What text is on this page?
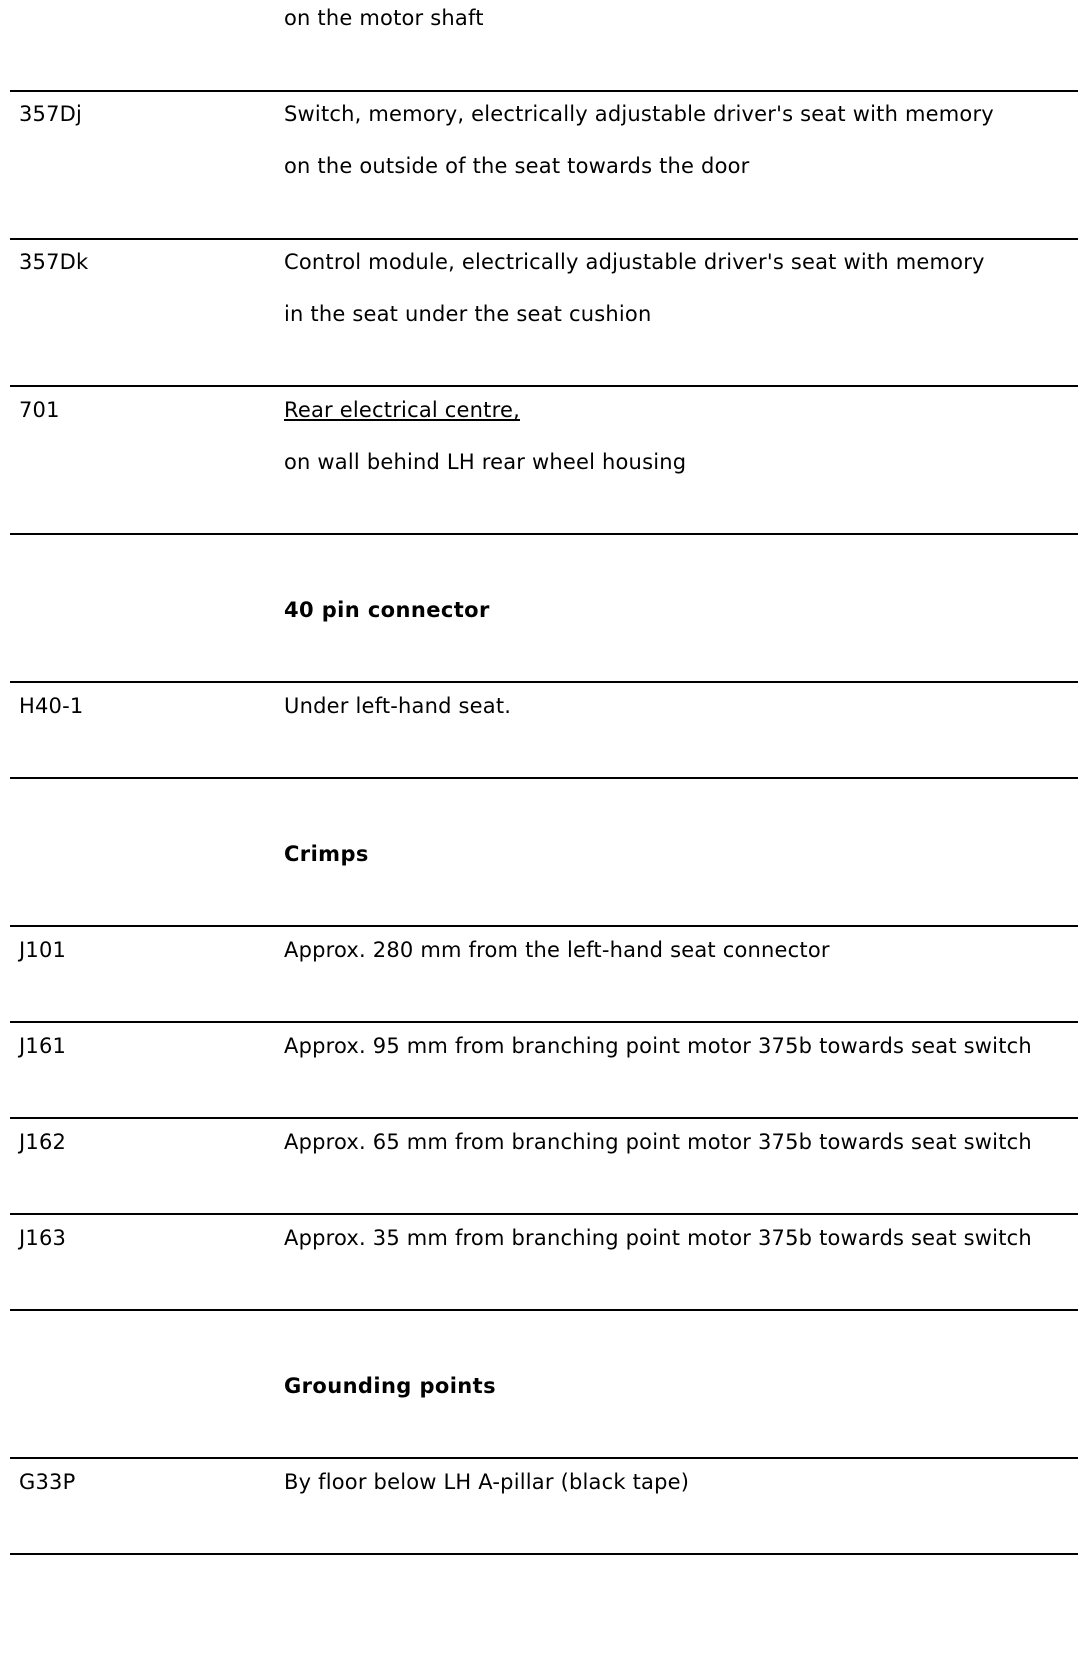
on the motor shaft
357Dj	Switch, memory, electrically adjustable driver's seat with memory
on the outside of the seat towards the door
357Dk	Control module, electrically adjustable driver's seat with memory
in the seat under the seat cushion
701	Rear electrical centre,
on wall behind LH rear wheel housing
40 pin connector
H40-1	Under left-hand seat.
Crimps
J101	Approx. 280 mm from the left-hand seat connector
J161	Approx. 95 mm from branching point motor 375b towards seat switch
J162	Approx. 65 mm from branching point motor 375b towards seat switch
J163	Approx. 35 mm from branching point motor 375b towards seat switch
Grounding points
G33P	By floor below LH A-pillar (black tape)
